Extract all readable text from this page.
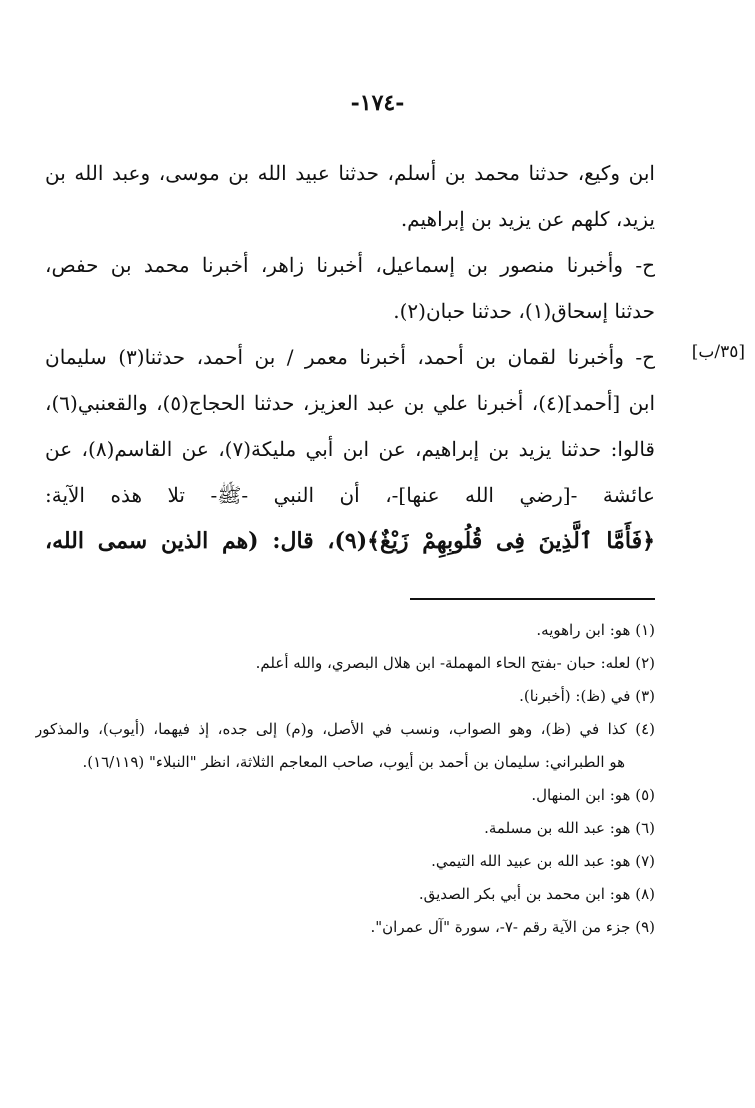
-١٧٤-
[٣٥/ب]
ابن وكيع، حدثنا محمد بن أسلم، حدثنا عبيد الله بن موسى، وعبد الله بن
يزيد، كلهم عن يزيد بن إبراهيم.
ح- وأخبرنا منصور بن إسماعيل، أخبرنا زاهر، أخبرنا محمد بن حفص،
حدثنا إسحاق(١)، حدثنا حبان(٢).
ح- وأخبرنا لقمان بن أحمد، أخبرنا معمر / بن أحمد، حدثنا(٣) سليمان
ابن [أحمد](٤)، أخبرنا علي بن عبد العزيز، حدثنا الحجاج(٥)، والقعنبي(٦)،
قالوا: حدثنا يزيد بن إبراهيم، عن ابن أبي مليكة(٧)، عن القاسم(٨)، عن
عائشة -[رضي الله عنها]-، أن النبي -ﷺ- تلا هذه الآية:
﴿فَأَمَّا ٱلَّذِينَ فِى قُلُوبِهِمْ زَيْغٌ﴾(٩)، قال: (هم الذين سمى الله،
(١) هو: ابن راهويه.
(٢) لعله: حبان -بفتح الحاء المهملة- ابن هلال البصري، والله أعلم.
(٣) في (ظ): (أخبرنا).
(٤) كذا في (ظ)، وهو الصواب، ونسب في الأصل، و(م) إلى جده، إذ فيهما، (أيوب)، والمذكور
هو الطبراني: سليمان بن أحمد بن أيوب، صاحب المعاجم الثلاثة، انظر "النبلاء" (١٦/١١٩).
(٥) هو: ابن المنهال.
(٦) هو: عبد الله بن مسلمة.
(٧) هو: عبد الله بن عبيد الله التيمي.
(٨) هو: ابن محمد بن أبي بكر الصديق.
(٩) جزء من الآية رقم -٧-، سورة "آل عمران".
